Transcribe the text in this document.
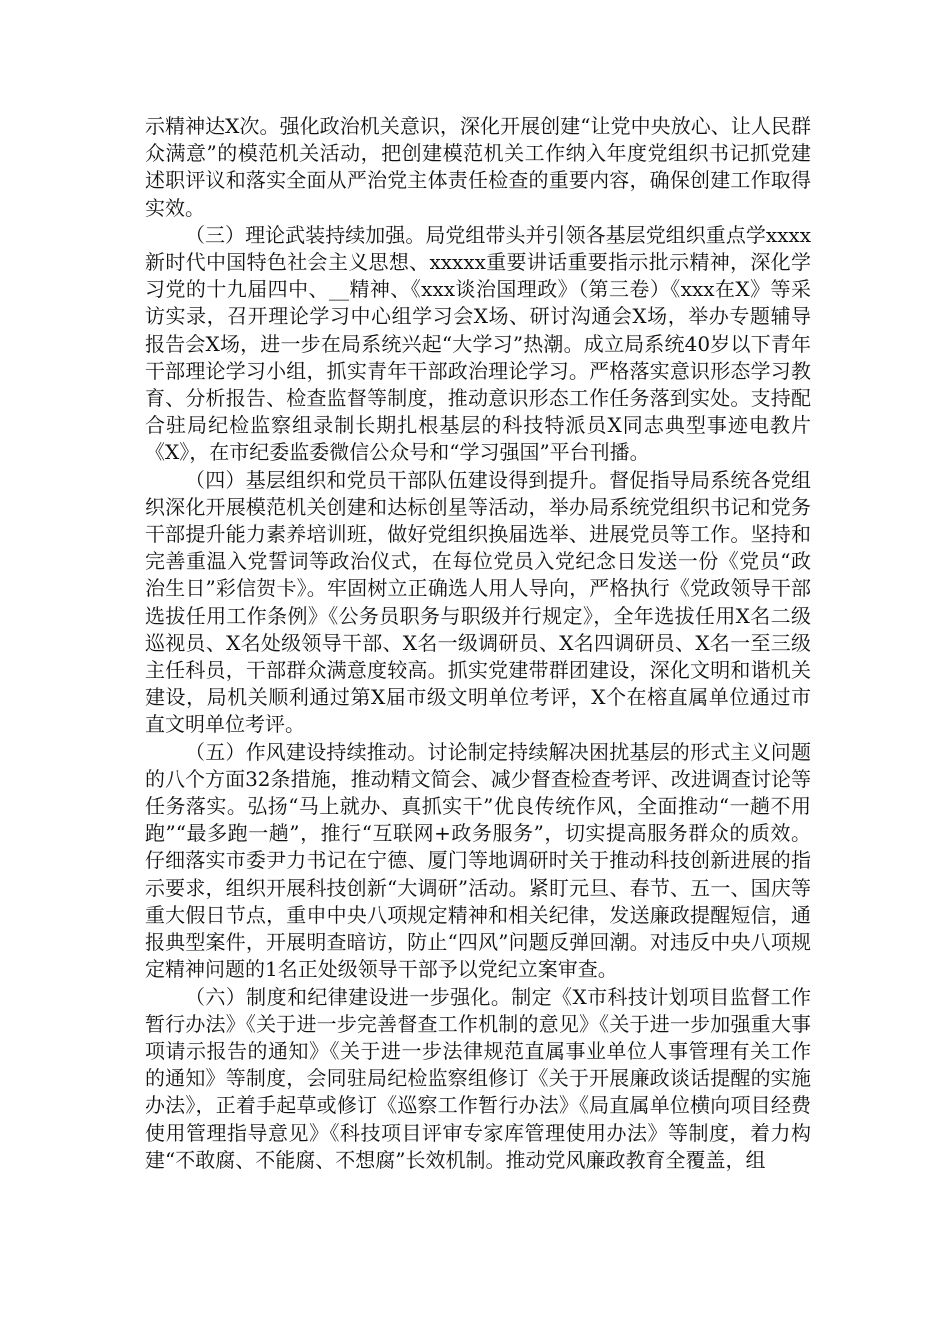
示精神达X次。强化政治机关意识，深化开展创建“让党中央放心、让人民群众满意”的模范机关活动，把创建模范机关工作纳入年度党组织书记抓党建述职评议和落实全面从严治党主体责任检查的重要内容，确保创建工作取得实效。

（三）理论武装持续加强。局党组带头并引领各基层党组织重点学xxxx新时代中国特色社会主义思想、xxxxx重要讲话重要指示批示精神，深化学习党的十九届四中、__精神、《xxx谈治国理政》（第三卷）《xxx在X》等采访实录，召开理论学习中心组学习会X场、研讨沟通会X场，举办专题辅导报告会X场，进一步在局系统兴起“大学习”热潮。成立局系统40岁以下青年干部理论学习小组，抓实青年干部政治理论学习。严格落实意识形态学习教育、分析报告、检查监督等制度，推动意识形态工作任务落到实处。支持配合驻局纪检监察组录制长期扎根基层的科技特派员X同志典型事迹电教片《X》，在市纪委监委微信公众号和“学习强国”平台刊播。

（四）基层组织和党员干部队伍建设得到提升。督促指导局系统各党组织深化开展模范机关创建和达标创星等活动，举办局系统党组织书记和党务干部提升能力素养培训班，做好党组织换届选举、进展党员等工作。坚持和完善重温入党誓词等政治仪式，在每位党员入党纪念日发送一份《党员“政治生日”彩信贺卡》。牢固树立正确选人用人导向，严格执行《党政领导干部选拔任用工作条例》《公务员职务与职级并行规定》，全年选拔任用X名二级巡视员、X名处级领导干部、X名一级调研员、X名四调研员、X名一至三级主任科员，干部群众满意度较高。抓实党建带群团建设，深化文明和谐机关建设，局机关顺利通过第X届市级文明单位考评，X个在榕直属单位通过市直文明单位考评。

（五）作风建设持续推动。讨论制定持续解决困扰基层的形式主义问题的八个方面32条措施，推动精文简会、减少督查检查考评、改进调查讨论等任务落实。弘扬“马上就办、真抓实干”优良传统作风，全面推动“一趟不用跑”“最多跑一趟”，推行“互联网+政务服务”，切实提高服务群众的质效。仔细落实市委尹力书记在宁德、厦门等地调研时关于推动科技创新进展的指示要求，组织开展科技创新“大调研”活动。紧盯元旦、春节、五一、国庆等重大假日节点，重申中央八项规定精神和相关纪律，发送廉政提醒短信，通报典型案件，开展明查暗访，防止“四风”问题反弹回潮。对违反中央八项规定精神问题的1名正处级领导干部予以党纪立案审查。

（六）制度和纪律建设进一步强化。制定《X市科技计划项目监督工作暂行办法》《关于进一步完善督查工作机制的意见》《关于进一步加强重大事项请示报告的通知》《关于进一步法律规范直属事业单位人事管理有关工作的通知》等制度，会同驻局纪检监察组修订《关于开展廉政谈话提醒的实施办法》，正着手起草或修订《巡察工作暂行办法》《局直属单位横向项目经费使用管理指导意见》《科技项目评审专家库管理使用办法》等制度，着力构建“不敢腐、不能腐、不想腐”长效机制。推动党风廉政教育全覆盖，组
